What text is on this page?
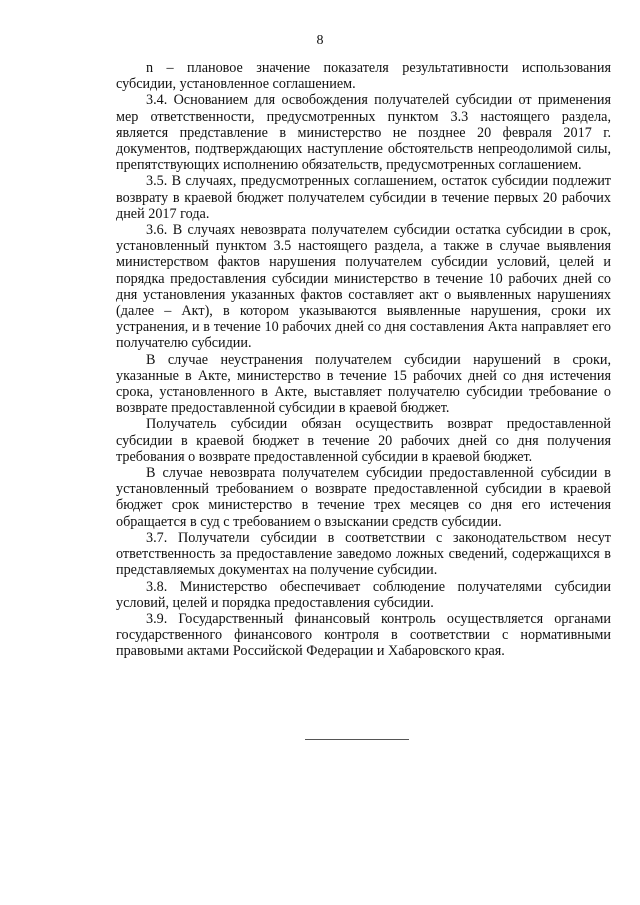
8

n – плановое значение показателя результативности использования субсидии, установленное соглашением.

3.4. Основанием для освобождения получателей субсидии от применения мер ответственности, предусмотренных пунктом 3.3 настоящего раздела, является представление в министерство не позднее 20 февраля 2017 г. документов, подтверждающих наступление обстоятельств непреодолимой силы, препятствующих исполнению обязательств, предусмотренных соглашением.

3.5. В случаях, предусмотренных соглашением, остаток субсидии подлежит возврату в краевой бюджет получателем субсидии в течение первых 20 рабочих дней 2017 года.

3.6. В случаях невозврата получателем субсидии остатка субсидии в срок, установленный пунктом 3.5 настоящего раздела, а также в случае выявления министерством фактов нарушения получателем субсидии условий, целей и порядка предоставления субсидии министерство в течение 10 рабочих дней со дня установления указанных фактов составляет акт о выявленных нарушениях (далее – Акт), в котором указываются выявленные нарушения, сроки их устранения, и в течение 10 рабочих дней со дня составления Акта направляет его получателю субсидии.

В случае неустранения получателем субсидии нарушений в сроки, указанные в Акте, министерство в течение 15 рабочих дней со дня истечения срока, установленного в Акте, выставляет получателю субсидии требование о возврате предоставленной субсидии в краевой бюджет.

Получатель субсидии обязан осуществить возврат предоставленной субсидии в краевой бюджет в течение 20 рабочих дней со дня получения требования о возврате предоставленной субсидии в краевой бюджет.

В случае невозврата получателем субсидии предоставленной субсидии в установленный требованием о возврате предоставленной субсидии в краевой бюджет срок министерство в течение трех месяцев со дня его истечения обращается в суд с требованием о взыскании средств субсидии.

3.7. Получатели субсидии в соответствии с законодательством несут ответственность за предоставление заведомо ложных сведений, содержащихся в представляемых документах на получение субсидии.

3.8. Министерство обеспечивает соблюдение получателями субсидии условий, целей и порядка предоставления субсидии.

3.9. Государственный финансовый контроль осуществляется органами государственного финансового контроля в соответствии с нормативными правовыми актами Российской Федерации и Хабаровского края.
